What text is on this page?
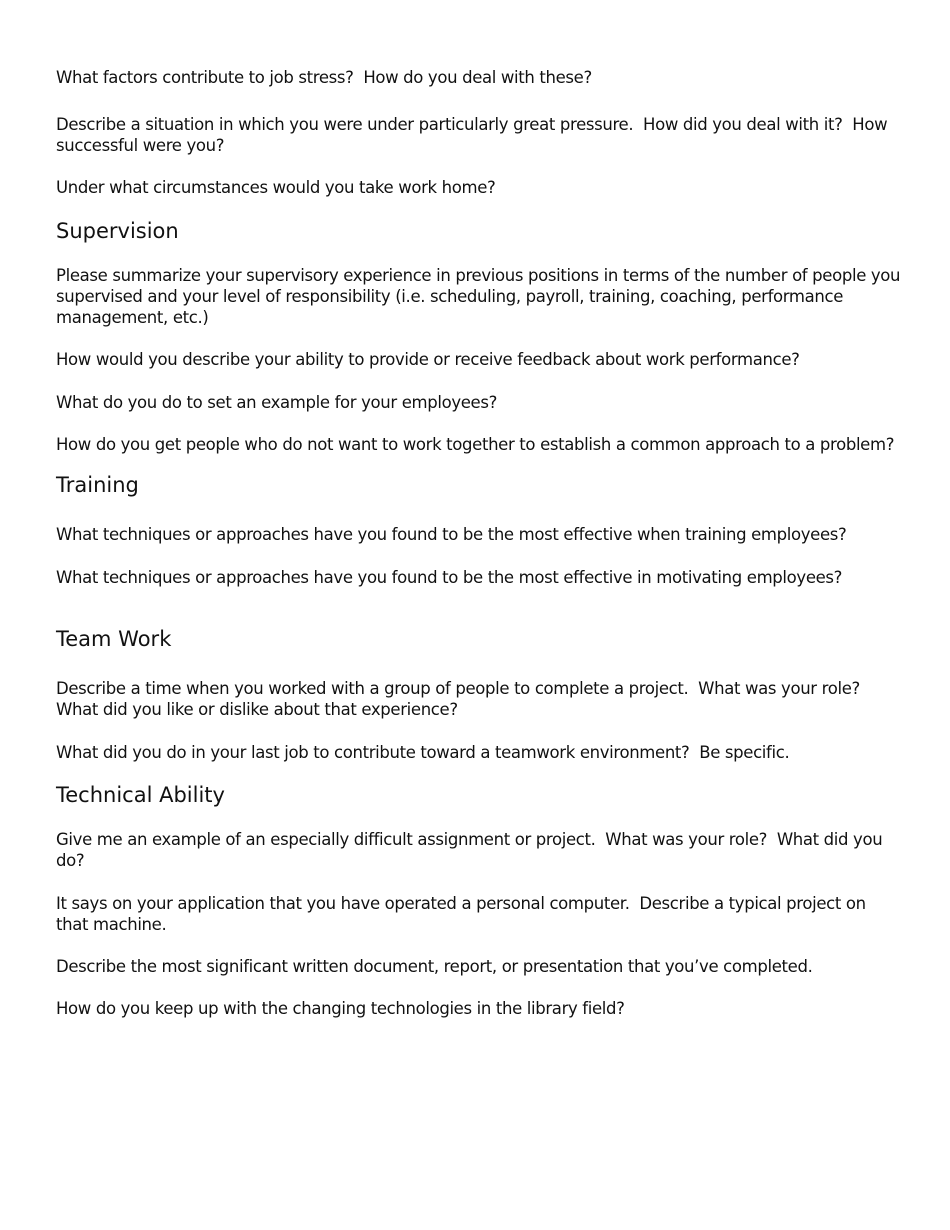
What factors contribute to job stress?  How do you deal with these?

Describe a situation in which you were under particularly great pressure.  How did you deal with it?  How successful were you?

Under what circumstances would you take work home?

Supervision

Please summarize your supervisory experience in previous positions in terms of the number of people you supervised and your level of responsibility (i.e. scheduling, payroll, training, coaching, performance management, etc.)

How would you describe your ability to provide or receive feedback about work performance?

What do you do to set an example for your employees?

How do you get people who do not want to work together to establish a common approach to a problem?

Training

What techniques or approaches have you found to be the most effective when training employees?

What techniques or approaches have you found to be the most effective in motivating employees?

Team Work

Describe a time when you worked with a group of people to complete a project.  What was your role?  What did you like or dislike about that experience?

What did you do in your last job to contribute toward a teamwork environment?  Be specific.

Technical Ability

Give me an example of an especially difficult assignment or project.  What was your role?  What did you do?

It says on your application that you have operated a personal computer.  Describe a typical project on that machine.

Describe the most significant written document, report, or presentation that you’ve completed.

How do you keep up with the changing technologies in the library field?
